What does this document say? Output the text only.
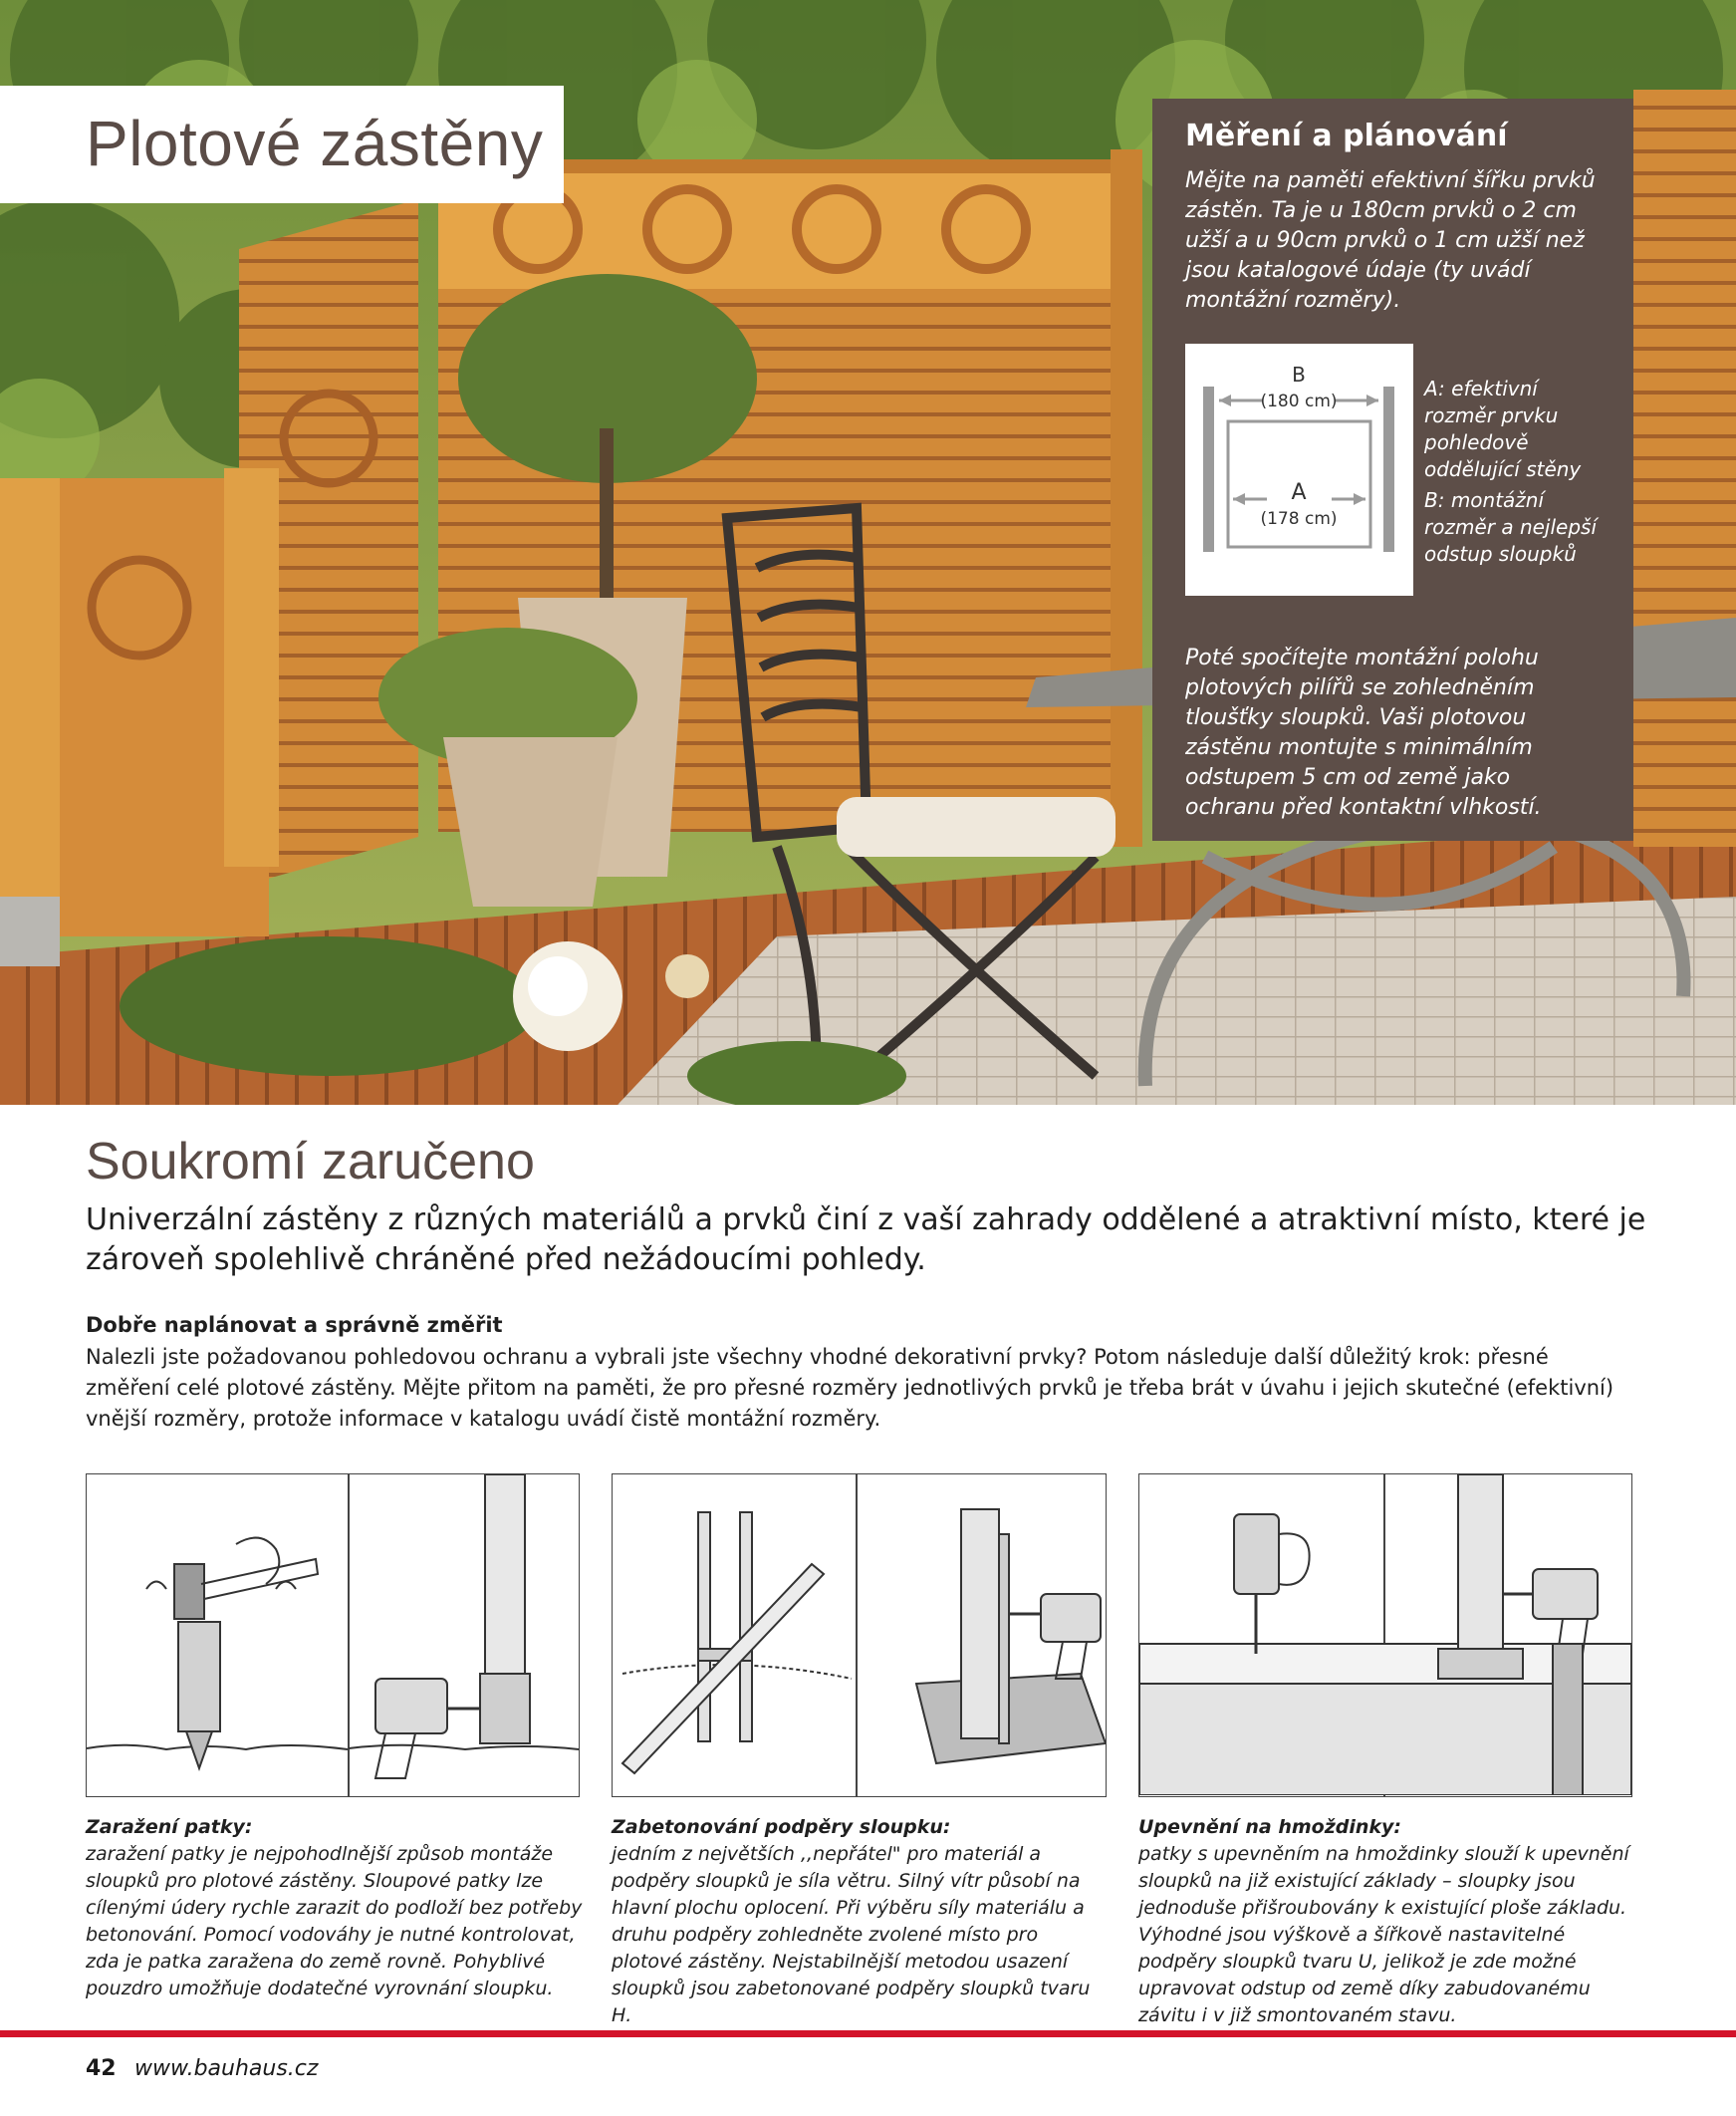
Plotové zástěny	Měření a plánování

Mějte na paměti efektivní šířku prvků zástěn. Ta je u 180cm prvků o 2 cm užší a u 90cm prvků o 1 cm užší než jsou katalogové údaje (ty uvádí montážní rozměry).

B
(180 cm)
A
(178 cm)
A: efektivní rozměr prvku pohledově oddělující stěny
B: montážní rozměr a nejlepší odstup sloupků

Poté spočítejte montážní polohu plotových pilířů se zohledněním tloušťky sloupků. Vaši plotovou zástěnu montujte s minimálním odstupem 5 cm od země jako ochranu před kontaktní vlhkostí.

Soukromí zaručeno

Univerzální zástěny z různých materiálů a prvků činí z vaší zahrady oddělené a atraktivní místo, které je zároveň spolehlivě chráněné před nežádoucími pohledy.

Dobře naplánovat a správně změřit

Nalezli jste požadovanou pohledovou ochranu a vybrali jste všechny vhodné dekorativní prvky? Potom následuje další důležitý krok: přesné změření celé plotové zástěny. Mějte přitom na paměti, že pro přesné rozměry jednotlivých prvků je třeba brát v úvahu i jejich skutečné (efektivní) vnější rozměry, protože informace v katalogu uvádí čistě montážní rozměry.

Zaražení patky:
zaražení patky je nejpohodlnější způsob montáže sloupků pro plotové zástěny. Sloupové patky lze cílenými údery rychle zarazit do podloží bez potřeby betonování. Pomocí vodováhy je nutné kontrolovat, zda je patka zaražena do země rovně. Pohyblivé pouzdro umožňuje dodatečné vyrovnání sloupku.
Zabetonování podpěry sloupku:
jedním z největších ,,nepřátel" pro materiál a podpěry sloupků je síla větru. Silný vítr působí na hlavní plochu oplocení. Při výběru síly materiálu a druhu podpěry zohledněte zvolené místo pro plotové zástěny. Nejstabilnější metodou usazení sloupků jsou zabetonované podpěry sloupků tvaru H.
Upevnění na hmoždinky:
patky s upevněním na hmoždinky slouží k upevnění sloupků na již existující základy – sloupky jsou jednoduše přišroubovány k existující ploše základu. Výhodné jsou výškově a šířkově nastavitelné podpěry sloupků tvaru U, jelikož je zde možné upravovat odstup od země díky zabudovanému závitu i v již smontovaném stavu.
42 www.bauhaus.cz
